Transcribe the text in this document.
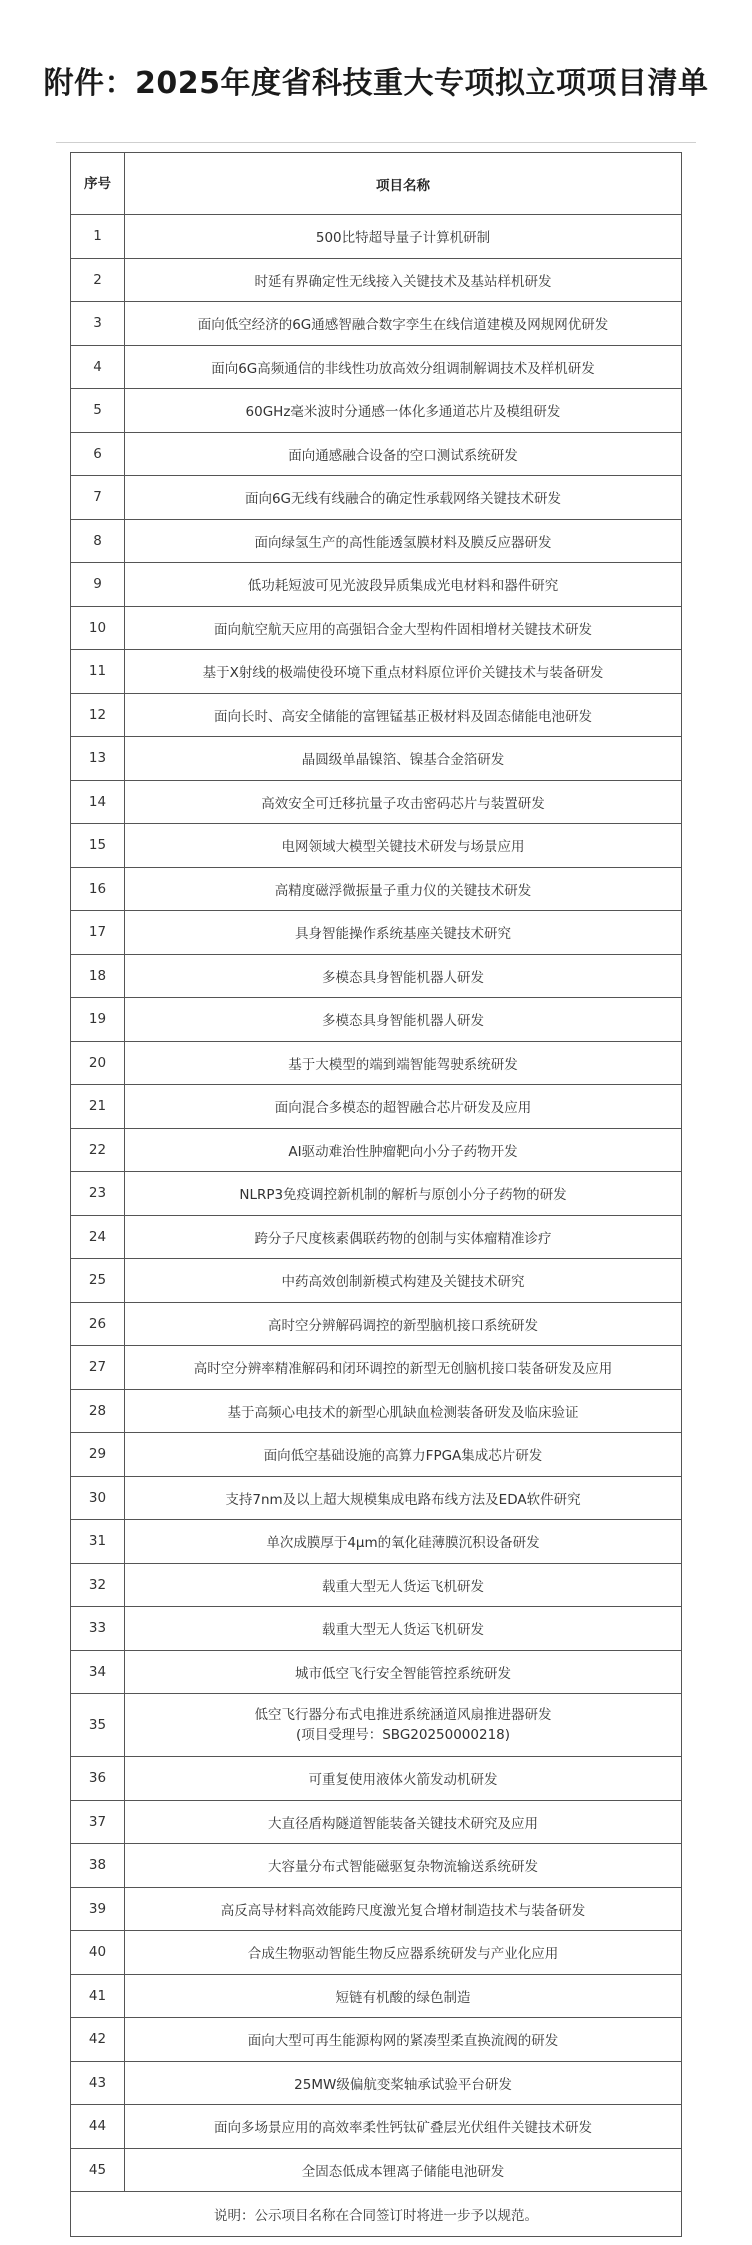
附件：2025年度省科技重大专项拟立项项目清单
序号	项目名称
1	500比特超导量子计算机研制
2	时延有界确定性无线接入关键技术及基站样机研发
3	面向低空经济的6G通感智融合数字孪生在线信道建模及网规网优研发
4	面向6G高频通信的非线性功放高效分组调制解调技术及样机研发
5	60GHz毫米波时分通感一体化多通道芯片及模组研发
6	面向通感融合设备的空口测试系统研发
7	面向6G无线有线融合的确定性承载网络关键技术研发
8	面向绿氢生产的高性能透氢膜材料及膜反应器研发
9	低功耗短波可见光波段异质集成光电材料和器件研究
10	面向航空航天应用的高强铝合金大型构件固相增材关键技术研发
11	基于X射线的极端使役环境下重点材料原位评价关键技术与装备研发
12	面向长时、高安全储能的富锂锰基正极材料及固态储能电池研发
13	晶圆级单晶镍箔、镍基合金箔研发
14	高效安全可迁移抗量子攻击密码芯片与装置研发
15	电网领域大模型关键技术研发与场景应用
16	高精度磁浮微振量子重力仪的关键技术研发
17	具身智能操作系统基座关键技术研究
18	多模态具身智能机器人研发
19	多模态具身智能机器人研发
20	基于大模型的端到端智能驾驶系统研发
21	面向混合多模态的超智融合芯片研发及应用
22	AI驱动难治性肿瘤靶向小分子药物开发
23	NLRP3免疫调控新机制的解析与原创小分子药物的研发
24	跨分子尺度核素偶联药物的创制与实体瘤精准诊疗
25	中药高效创制新模式构建及关键技术研究
26	高时空分辨解码调控的新型脑机接口系统研发
27	高时空分辨率精准解码和闭环调控的新型无创脑机接口装备研发及应用
28	基于高频心电技术的新型心肌缺血检测装备研发及临床验证
29	面向低空基础设施的高算力FPGA集成芯片研发
30	支持7nm及以上超大规模集成电路布线方法及EDA软件研究
31	单次成膜厚于4μm的氧化硅薄膜沉积设备研发
32	载重大型无人货运飞机研发
33	载重大型无人货运飞机研发
34	城市低空飞行安全智能管控系统研发
35	低空飞行器分布式电推进系统涵道风扇推进器研发
(项目受理号：SBG20250000218)

36	可重复使用液体火箭发动机研发
37	大直径盾构隧道智能装备关键技术研究及应用
38	大容量分布式智能磁驱复杂物流输送系统研发
39	高反高导材料高效能跨尺度激光复合增材制造技术与装备研发
40	合成生物驱动智能生物反应器系统研发与产业化应用
41	短链有机酸的绿色制造
42	面向大型可再生能源构网的紧凑型柔直换流阀的研发
43	25MW级偏航变桨轴承试验平台研发
44	面向多场景应用的高效率柔性钙钛矿叠层光伏组件关键技术研发
45	全固态低成本锂离子储能电池研发
说明：公示项目名称在合同签订时将进一步予以规范。	
